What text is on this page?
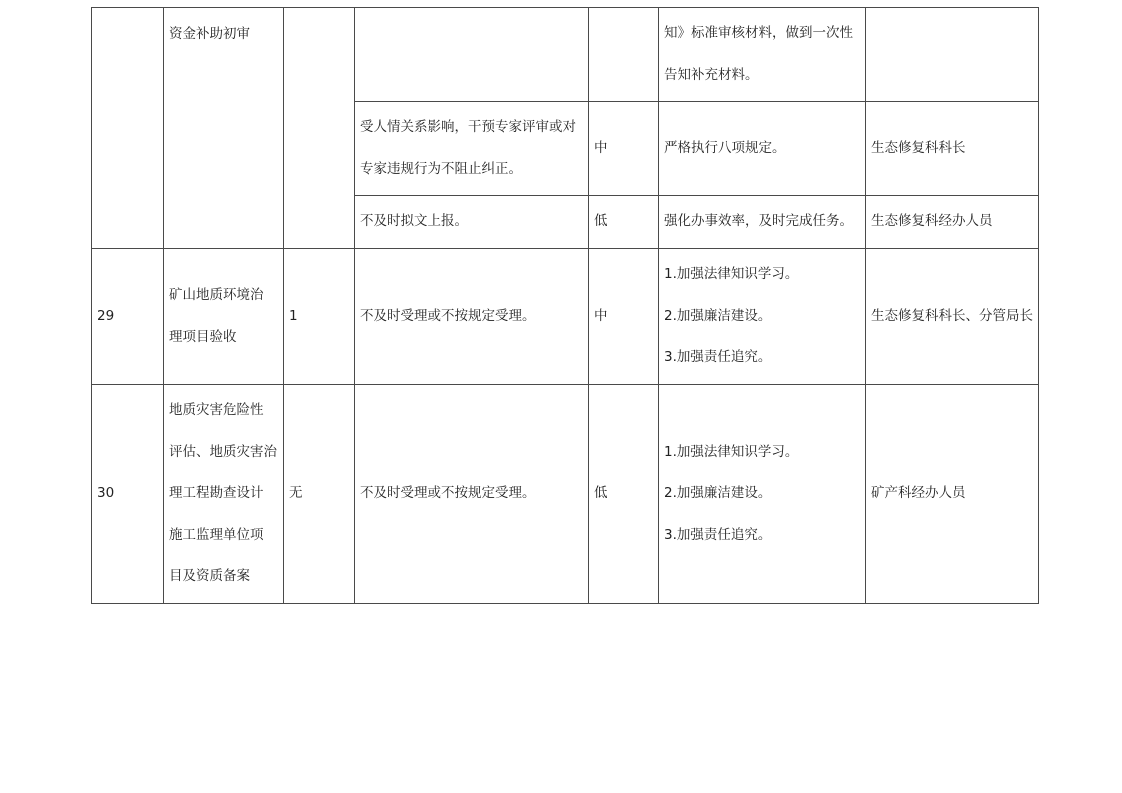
	资金补助初审				知》标准审核材料，做到一次性
告知补充材料。	

			受人情关系影响，干预专家评审或对
专家违规行为不阻止纠正。	中	严格执行八项规定。	生态修复科科长

			不及时拟文上报。	低	强化办事效率，及时完成任务。	生态修复科经办人员
29	矿山地质环境治
理项目验收	1	不及时受理或不按规定受理。	中	1.加强法律知识学习。
2.加强廉洁建设。
3.加强责任追究。	生态修复科科长、分管局长
30	地质灾害危险性
评估、地质灾害治
理工程勘查设计
施工监理单位项
目及资质备案	无	不及时受理或不按规定受理。	低	1.加强法律知识学习。
2.加强廉洁建设。
3.加强责任追究。	矿产科经办人员
